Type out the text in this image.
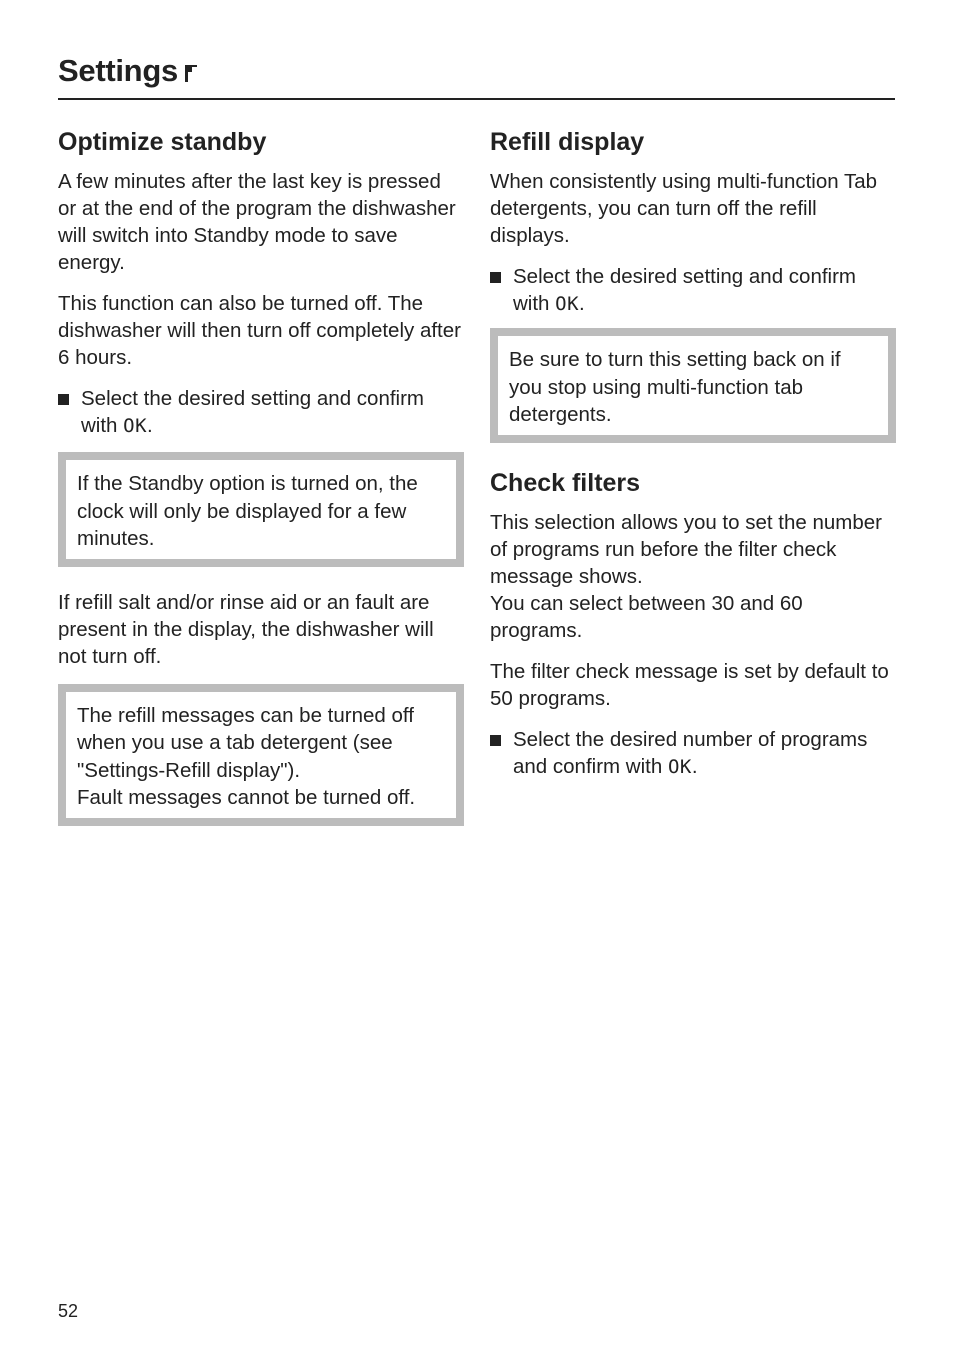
Settings
Optimize standby

A few minutes after the last key is pressed or at the end of the program the dishwasher will switch into Standby mode to save energy.

This function can also be turned off. The dishwasher will then turn off completely after 6 hours.

Select the desired setting and confirm with OK.
If the Standby option is turned on, the clock will only be displayed for a few minutes.

If refill salt and/or rinse aid or an fault are present in the display, the dishwasher will not turn off.

The refill messages can be turned off when you use a tab detergent (see "Settings-Refill display").
Fault messages cannot be turned off.
Refill display

When consistently using multi-function Tab detergents, you can turn off the refill displays.

Select the desired setting and confirm with OK.
Be sure to turn this setting back on if you stop using multi-function tab detergents.
Check filters

This selection allows you to set the number of programs run before the filter check message shows.
You can select between 30 and 60 programs.

The filter check message is set by default to 50 programs.

Select the desired number of programs and confirm with OK.
52
